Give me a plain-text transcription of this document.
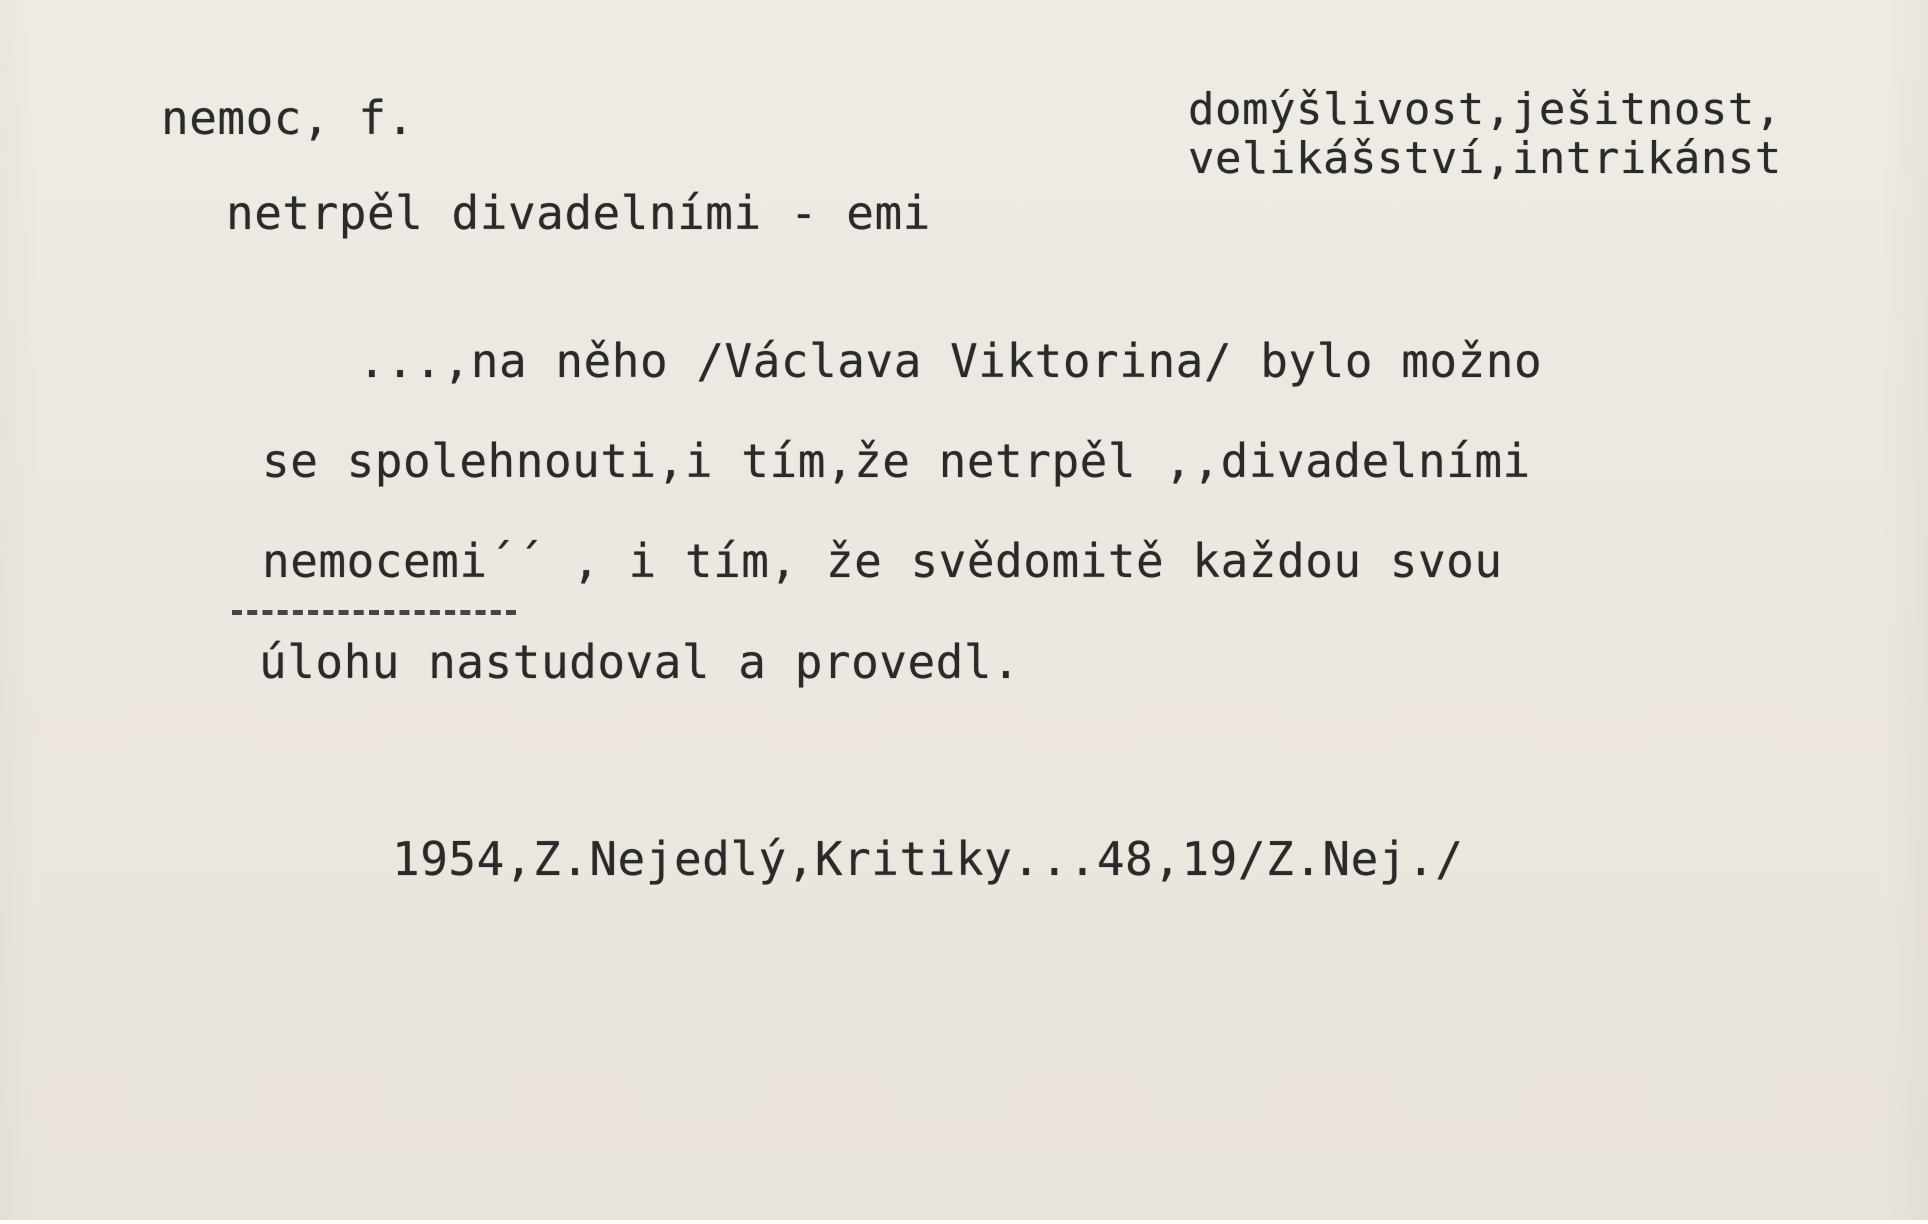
nemoc, f.	domýšlivost,ješitnost,
velikášství,intrikánst
netrpěl divadelními - emi
...,na něho /Václava Viktorina/ bylo možno
se spolehnouti,i tím,že netrpěl ,,divadelními
nemocemi´´ , i tím, že svědomitě každou svou
úlohu nastudoval a provedl.
1954,Z.Nejedlý,Kritiky...48,19/Z.Nej./
